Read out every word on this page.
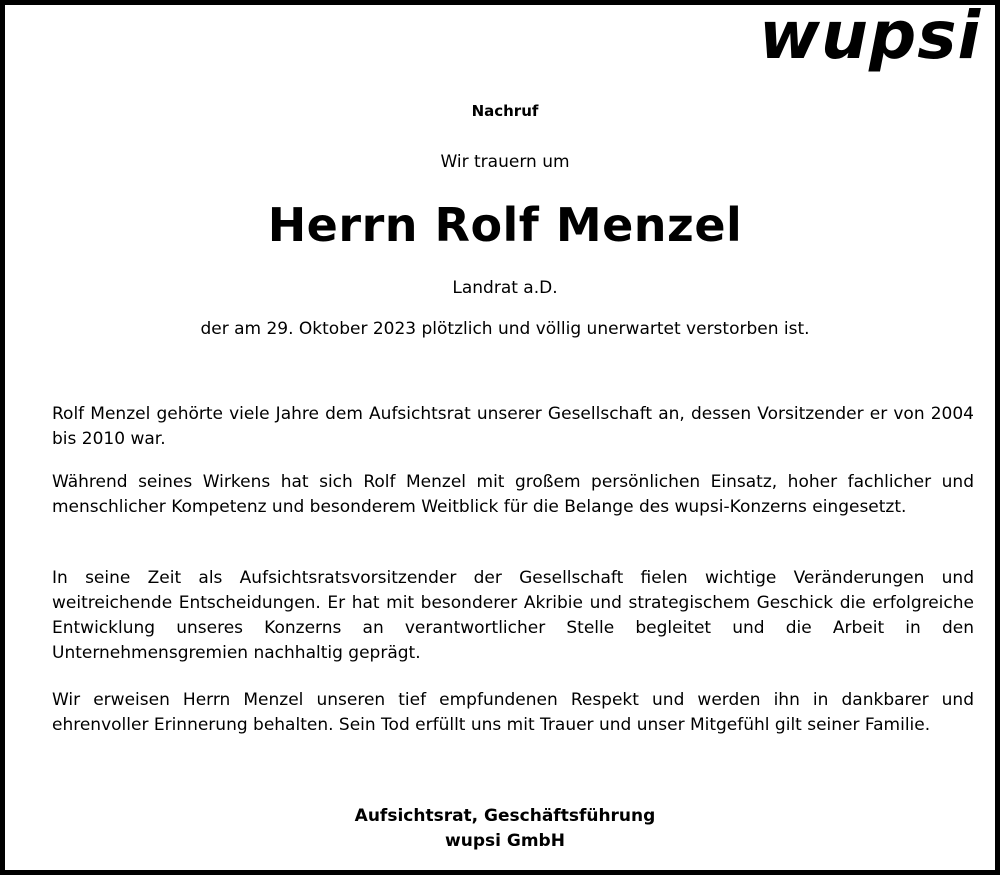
wupsi
Nachruf
Wir trauern um
Herrn Rolf Menzel
Landrat a.D.
der am 29. Oktober 2023 plötzlich und völlig unerwartet verstorben ist.
Rolf Menzel gehörte viele Jahre dem Aufsichtsrat unserer Gesellschaft an, dessen Vorsitzender er von 2004 bis 2010 war.
Während seines Wirkens hat sich Rolf Menzel mit großem persönlichen Einsatz, hoher fachlicher und menschlicher Kompetenz und besonderem Weitblick für die Belange des wupsi-Konzerns eingesetzt.
In seine Zeit als Aufsichtsratsvorsitzender der Gesellschaft fielen wichtige Veränderungen und weitreichende Entscheidungen. Er hat mit besonderer Akribie und strategischem Geschick die erfolgreiche Entwicklung unseres Konzerns an verantwortlicher Stelle begleitet und die Arbeit in den Unternehmensgremien nachhaltig geprägt.
Wir erweisen Herrn Menzel unseren tief empfundenen Respekt und werden ihn in dankbarer und ehrenvoller Erinnerung behalten. Sein Tod erfüllt uns mit Trauer und unser Mitgefühl gilt seiner Familie.
Aufsichtsrat, Geschäftsführung
wupsi GmbH
